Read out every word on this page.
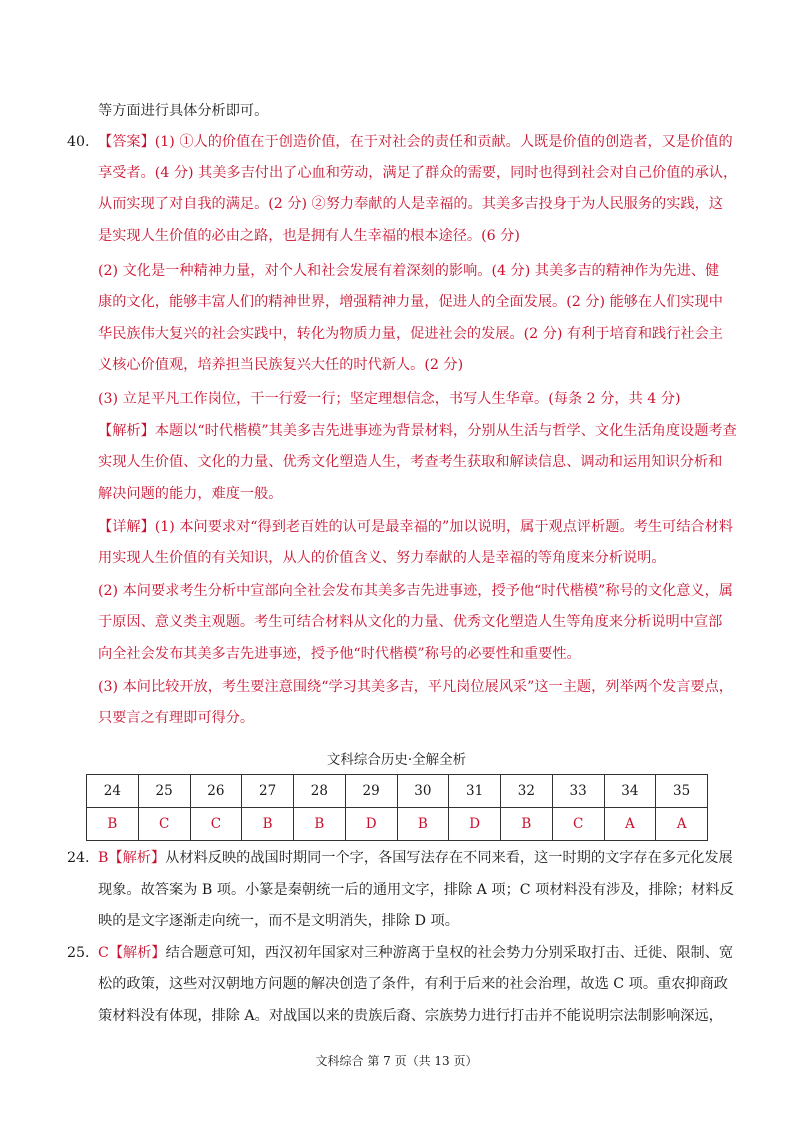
等方面进行具体分析即可。
40. 【答案】(1) ①人的价值在于创造价值，在于对社会的责任和贡献。人既是价值的创造者，又是价值的
享受者。(4 分) 其美多吉付出了心血和劳动，满足了群众的需要，同时也得到社会对自己价值的承认，
从而实现了对自我的满足。(2 分) ②努力奉献的人是幸福的。其美多吉投身于为人民服务的实践，这
是实现人生价值的必由之路，也是拥有人生幸福的根本途径。(6 分)
(2) 文化是一种精神力量，对个人和社会发展有着深刻的影响。(4 分) 其美多吉的精神作为先进、健
康的文化，能够丰富人们的精神世界，增强精神力量，促进人的全面发展。(2 分) 能够在人们实现中
华民族伟大复兴的社会实践中，转化为物质力量，促进社会的发展。(2 分) 有利于培育和践行社会主
义核心价值观，培养担当民族复兴大任的时代新人。(2 分)
(3) 立足平凡工作岗位，干一行爱一行；坚定理想信念，书写人生华章。(每条 2 分，共 4 分)
【解析】本题以“时代楷模”其美多吉先进事迹为背景材料，分别从生活与哲学、文化生活角度设题考查
实现人生价值、文化的力量、优秀文化塑造人生，考查考生获取和解读信息、调动和运用知识分析和
解决问题的能力，难度一般。
【详解】(1) 本问要求对“得到老百姓的认可是最幸福的”加以说明，属于观点评析题。考生可结合材料
用实现人生价值的有关知识，从人的价值含义、努力奉献的人是幸福的等角度来分析说明。
(2) 本问要求考生分析中宣部向全社会发布其美多吉先进事迹，授予他“时代楷模”称号的文化意义，属
于原因、意义类主观题。考生可结合材料从文化的力量、优秀文化塑造人生等角度来分析说明中宣部
向全社会发布其美多吉先进事迹，授予他“时代楷模”称号的必要性和重要性。
(3) 本问比较开放，考生要注意围绕“学习其美多吉，平凡岗位展风采”这一主题，列举两个发言要点，
只要言之有理即可得分。
文科综合历史·全解全析
24	25	26	27	28	29	30	31	32	33	34	35
B	C	C	B	B	D	B	D	B	C	A	A
24. B【解析】从材料反映的战国时期同一个字，各国写法存在不同来看，这一时期的文字存在多元化发展
现象。故答案为 B 项。小篆是秦朝统一后的通用文字，排除 A 项；C 项材料没有涉及，排除；材料反
映的是文字逐渐走向统一，而不是文明消失，排除 D 项。
25. C【解析】结合题意可知，西汉初年国家对三种游离于皇权的社会势力分别采取打击、迁徙、限制、宽
松的政策，这些对汉朝地方问题的解决创造了条件，有利于后来的社会治理，故选 C 项。重农抑商政
策材料没有体现，排除 A。对战国以来的贵族后裔、宗族势力进行打击并不能说明宗法制影响深远，
文科综合 第 7 页（共 13 页）
